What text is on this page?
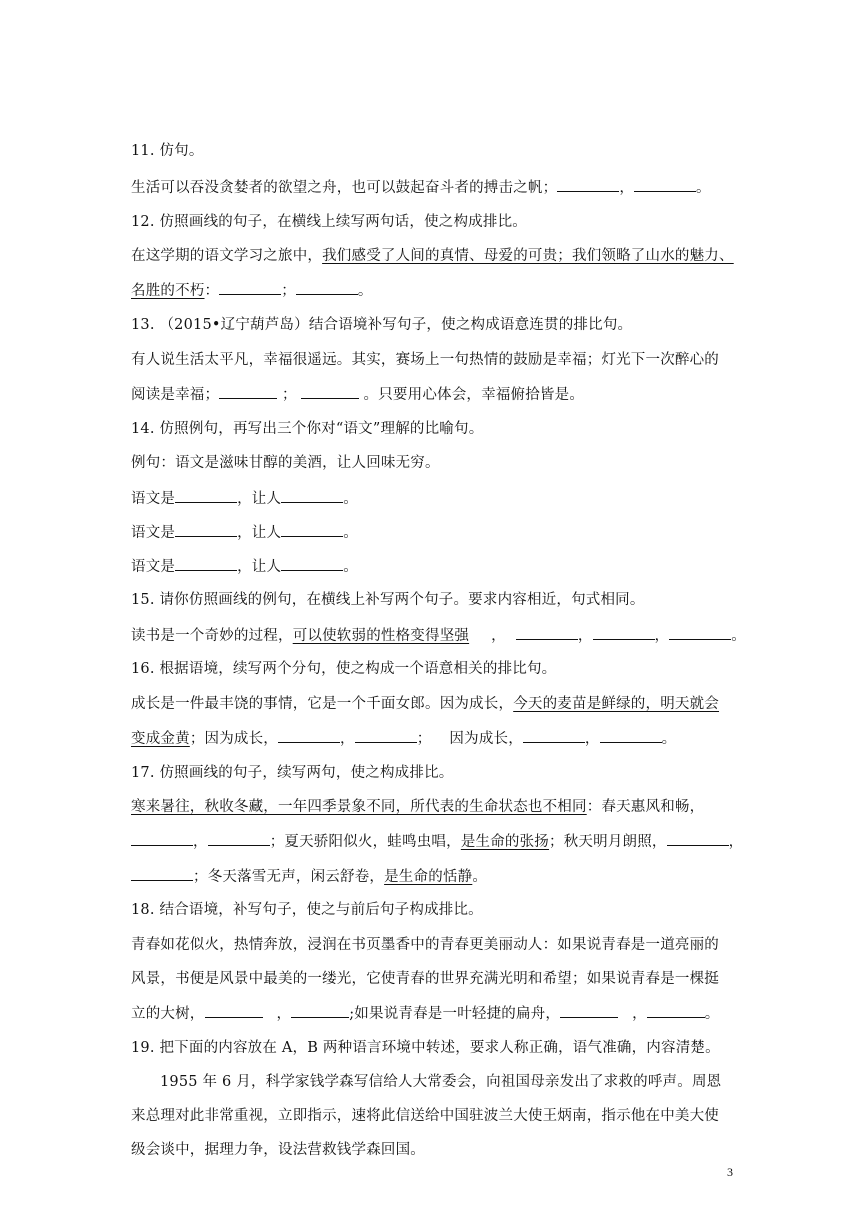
11. 仿句。
生活可以吞没贪婪者的欲望之舟，也可以鼓起奋斗者的搏击之帆；	，	。
12. 仿照画线的句子，在横线上续写两句话，使之构成排比。
在这学期的语文学习之旅中，我们感受了人间的真情、母爱的可贵；我们领略了山水的魅力、
名胜的不朽：	；	。
13. （2015•辽宁葫芦岛）结合语境补写句子，使之构成语意连贯的排比句。
有人说生活太平凡，幸福很遥远。其实，赛场上一句热情的鼓励是幸福；灯光下一次醉心的
阅读是幸福；	；	。只要用心体会，幸福俯拾皆是。
14. 仿照例句，再写出三个你对“语文”理解的比喻句。
例句：语文是滋味甘醇的美酒，让人回味无穷。
语文是	，让人	。
语文是	，让人	。
语文是	，让人	。
15. 请你仿照画线的例句，在横线上补写两个句子。要求内容相近，句式相同。
读书是一个奇妙的过程，可以使软弱的性格变得坚强 ，	，	，	。
16. 根据语境，续写两个分句，使之构成一个语意相关的排比句。
成长是一件最丰饶的事情，它是一个千面女郎。因为成长，今天的麦苗是鲜绿的，明天就会
变成金黄；因为成长，	，	； 因为成长，	，	。
17. 仿照画线的句子，续写两句，使之构成排比。
寒来暑往，秋收冬藏，一年四季景象不同，所代表的生命状态也不相同：春天惠风和畅，
，	；夏天骄阳似火，蛙鸣虫唱，是生命的张扬；秋天明月朗照，	，
；冬天落雪无声，闲云舒卷，是生命的恬静。
18. 结合语境，补写句子，使之与前后句子构成排比。
青春如花似火，热情奔放，浸润在书页墨香中的青春更美丽动人：如果说青春是一道亮丽的
风景，书便是风景中最美的一缕光，它使青春的世界充满光明和希望；如果说青春是一棵挺
立的大树，	，	;如果说青春是一叶轻捷的扁舟，	，	。
19. 把下面的内容放在 A，B 两种语言环境中转述，要求人称正确，语气准确，内容清楚。
1955 年 6 月，科学家钱学森写信给人大常委会，向祖国母亲发出了求救的呼声。周恩
来总理对此非常重视，立即指示，速将此信送给中国驻波兰大使王炳南，指示他在中美大使
级会谈中，据理力争，设法营救钱学森回国。
3
